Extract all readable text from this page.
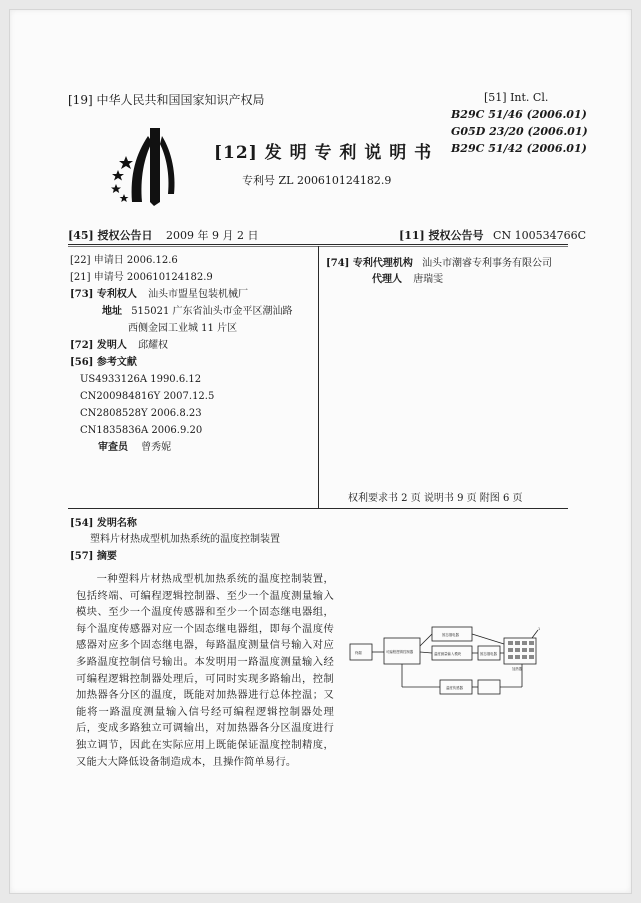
[19] 中华人民共和国国家知识产权局
[12] 发 明 专 利 说 明 书
专利号 ZL 200610124182.9
[51] Int. Cl.
B29C 51/46 (2006.01)
G05D 23/20 (2006.01)
B29C 51/42 (2006.01)
[45] 授权公告日 2009 年 9 月 2 日	[11] 授权公告号 CN 100534766C
[22] 申请日 2006.12.6
[21] 申请号 200610124182.9
[73] 专利权人 汕头市盟星包装机械厂
地址 515021 广东省汕头市金平区潮汕路
西侧金园工业城 11 片区
[72] 发明人 邱耀权
[56] 参考文献
US4933126A 1990.6.12
CN200984816Y 2007.12.5
CN2808528Y 2006.8.23
CN1835836A 2006.9.20
审查员 曾秀妮
[74] 专利代理机构 汕头市潮睿专利事务有限公司
代理人 唐瑞雯
权利要求书 2 页 说明书 9 页 附图 6 页
[54] 发明名称
塑料片材热成型机加热系统的温度控制装置
[57] 摘要

一种塑料片材热成型机加热系统的温度控制装置，包括终端、可编程逻辑控制器、至少一个温度测量输入模块、至少一个温度传感器和至少一个固态继电器组，每个温度传感器对应一个固态继电器组，即每个温度传感器对应多个固态继电器，每路温度测量信号输入对应多路温度控制信号输出。本发明用一路温度测量输入经可编程逻辑控制器处理后，可同时实现多路输出，控制加热器各分区的温度，既能对加热器进行总体控温；又能将一路温度测量输入信号经可编程逻辑控制器处理后，变成多路独立可调输出，对加热器各分区温度进行独立调节，因此在实际应用上既能保证温度控制精度，又能大大降低设备制造成本，且操作简单易行。

终端	可编程逻辑控制器
固态继电器
温度测量输入模块	固态继电器
温度传感器
加热器
1
